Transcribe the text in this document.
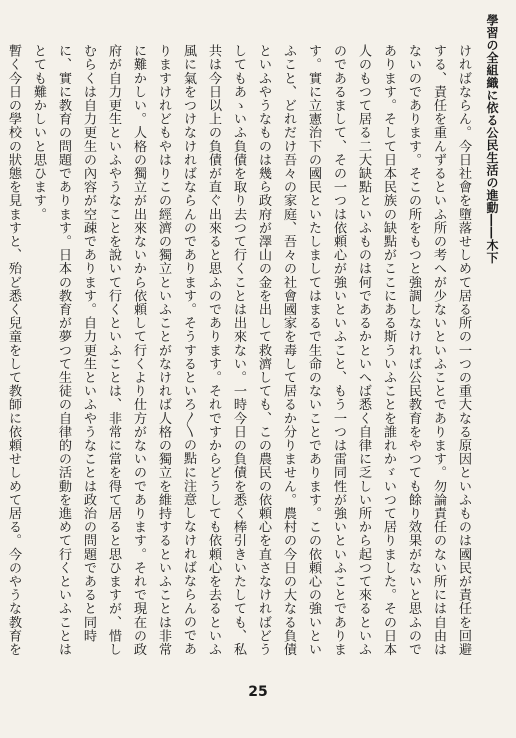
學習の全組織に依る公民生活の進動――木下

ければならん。今日社會を墮落せしめて居る所の一つの重大なる原因といふものは國民が責任を回避する、責任を重んずるといふ所の考へが少ないといふことであります。勿論責任のない所には自由はないのであります。そこの所をもつと強調しなければ公民教育をやつても餘り效果がないと思ふのであります。そして日本民族の缺點がここにある斯ういふことを誰れかゞいつて居りました。その日本人のもつて居る二大缺點といふものは何であるかといへば悉く自律に乏しい所から起つて來るといふのであるまして、その一つは依頼心が強いといふこと、もう一つは雷同性が強いといふことであります。實に立憲治下の國民といたしましてはまるで生命のないことであります。この依頼心の強いといふこと、どれだけ吾々の家庭、吾々の社會國家を毒して居るか分りません。農村の今日の大なる負債といふやうなものは幾ら政府が澤山の金を出して救濟しても、この農民の依頼心を直さなければどうしてもあゝいふ負債を取り去つて行くことは出來ない。一時今日の負債を悉く棒引きいたしても、私共は今日以上の負債が直ぐ出來ると思ふのであります。それですからどうしても依頼心を去るといふ風に氣をつけなければならんのであります。そうするといろ〳〵の點に注意しなければならんのでありますけれどもやはりこの經濟の獨立といふことがなければ人格の獨立を維持するといふことは非常に難かしい。人格の獨立が出來ないから依頼して行くより仕方がないのであります。それで現在の政府が自力更生といふやうなことを說いて行くといふことは、非常に當を得て居ると思ひますが、惜しむらくは自力更生の內容が空疎であります。自力更生といふやうなことは政治の問題であると同時に、實に教育の問題であります。日本の教育が夢つて生徒の自律的の活動を進めて行くといふことはとても難かしいと思ひます。

暫く今日の學校の狀態を見ますと、殆ど悉く兒童をして教師に依頼せしめて居る。今のやうな教育を

25
